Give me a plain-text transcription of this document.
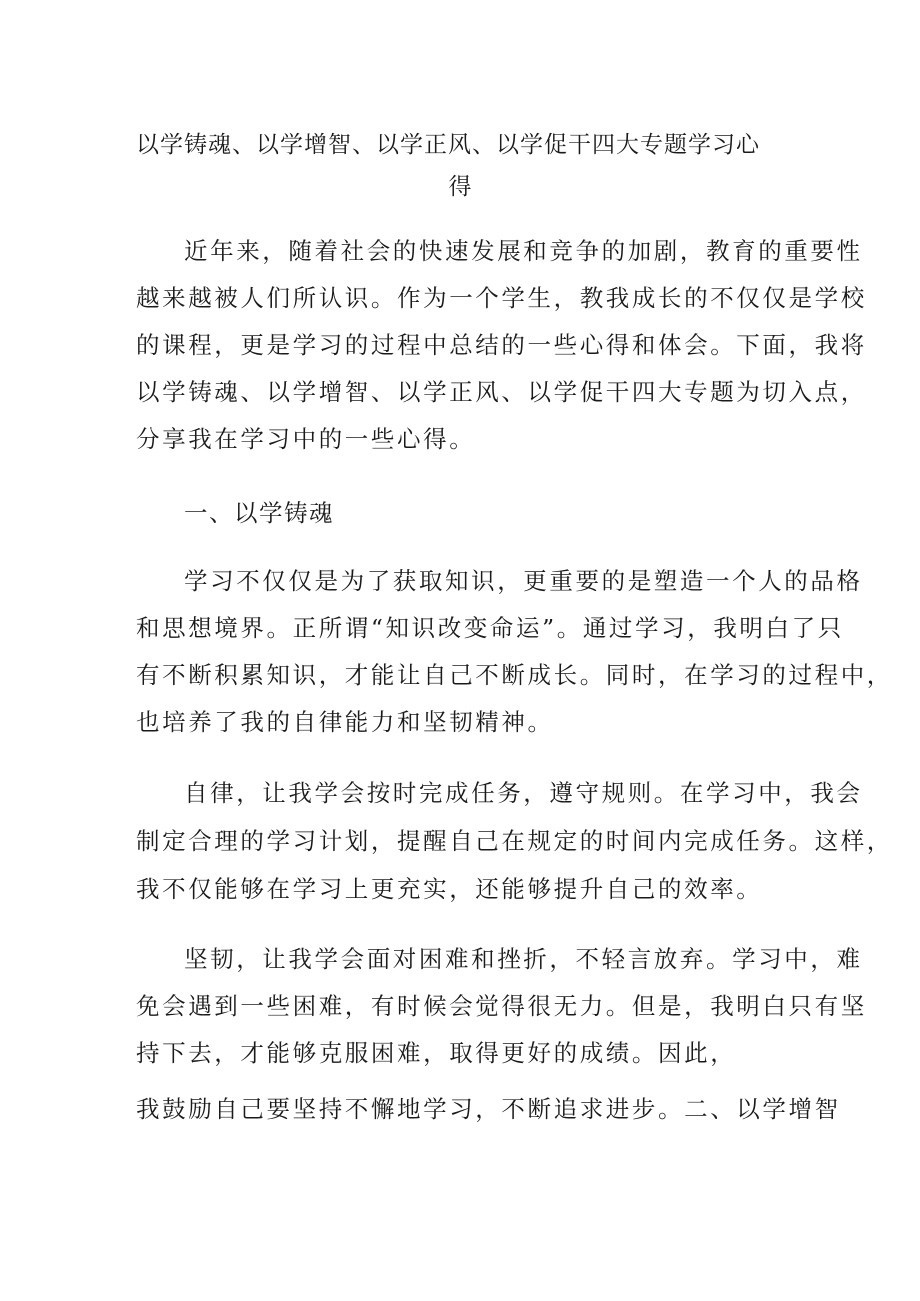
以学铸魂、以学增智、以学正风、以学促干四大专题学习心
得
近年来，随着社会的快速发展和竞争的加剧，教育的重要性
越来越被人们所认识。作为一个学生，教我成长的不仅仅是学校
的课程，更是学习的过程中总结的一些心得和体会。下面，我将
以学铸魂、以学增智、以学正风、以学促干四大专题为切入点，
分享我在学习中的一些心得。
一、以学铸魂
学习不仅仅是为了获取知识，更重要的是塑造一个人的品格
和思想境界。正所谓“知识改变命运”。通过学习，我明白了只
有不断积累知识，才能让自己不断成长。同时，在学习的过程中，
也培养了我的自律能力和坚韧精神。
自律，让我学会按时完成任务，遵守规则。在学习中，我会
制定合理的学习计划，提醒自己在规定的时间内完成任务。这样，
我不仅能够在学习上更充实，还能够提升自己的效率。
坚韧，让我学会面对困难和挫折，不轻言放弃。学习中，难
免会遇到一些困难，有时候会觉得很无力。但是，我明白只有坚
持下去，才能够克服困难，取得更好的成绩。因此，
我鼓励自己要坚持不懈地学习，不断追求进步。二、以学增智
